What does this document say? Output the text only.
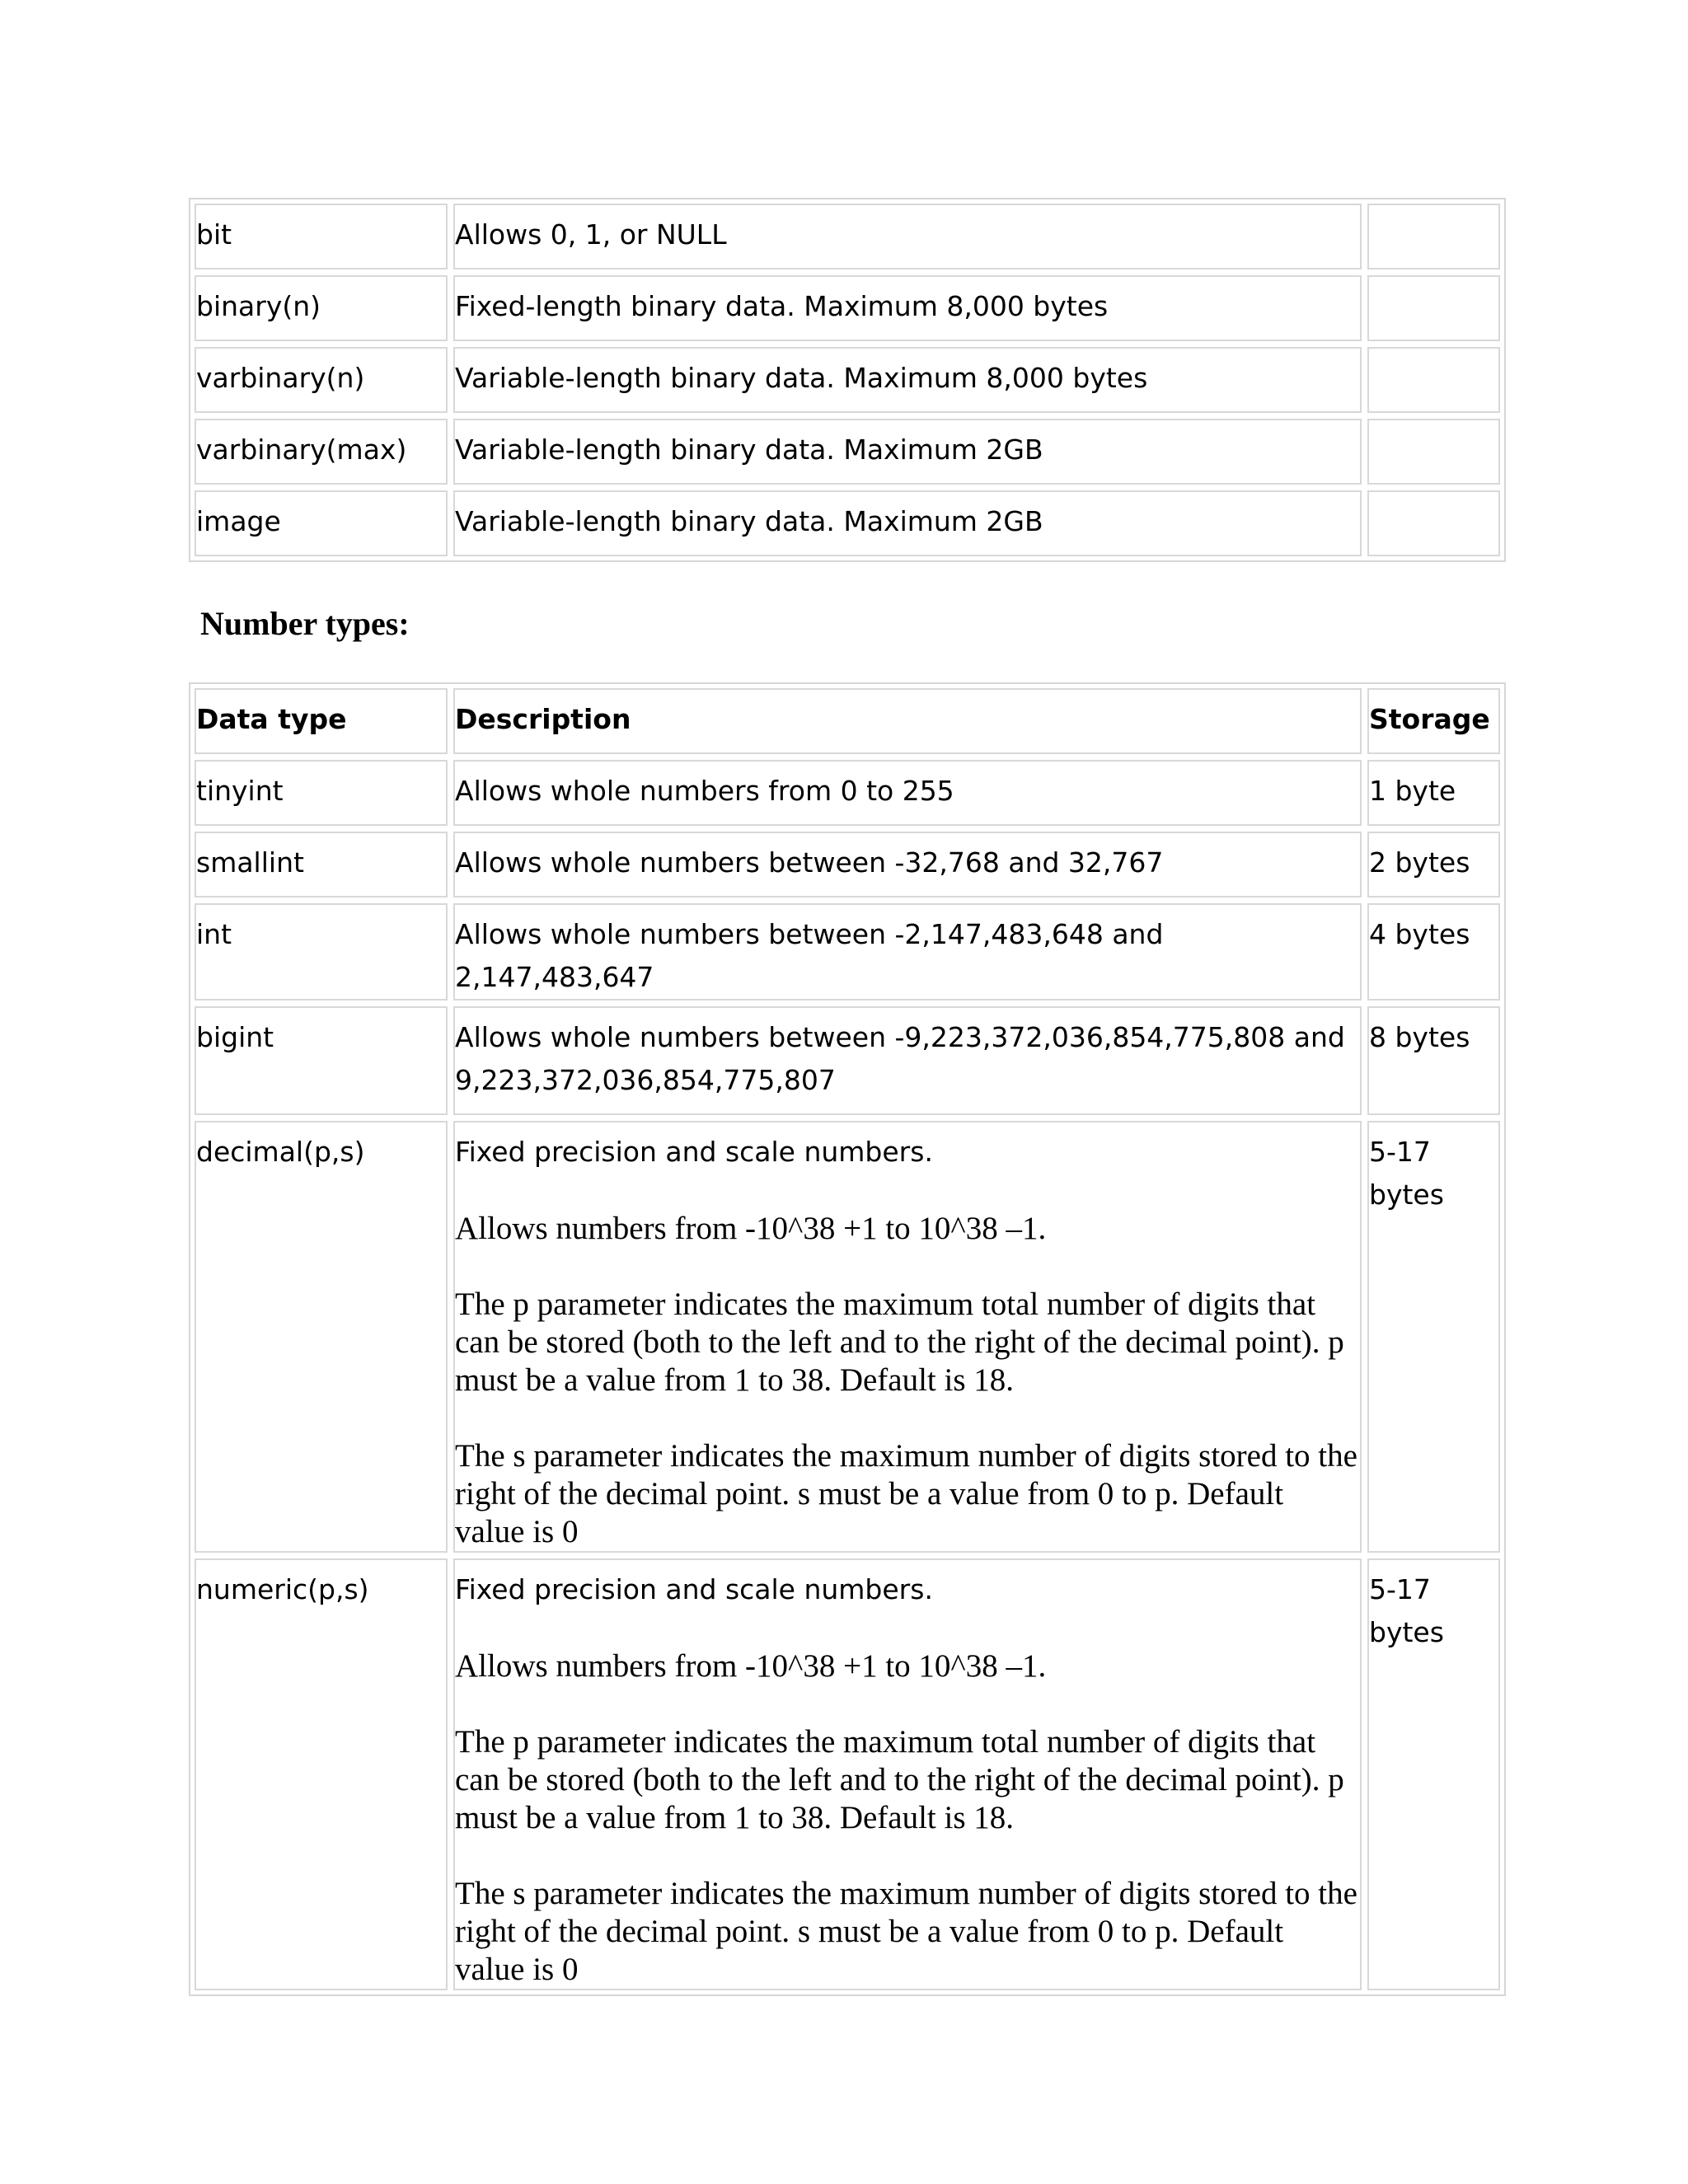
bit	Allows 0, 1, or NULL	
binary(n)	Fixed-length binary data. Maximum 8,000 bytes	
varbinary(n)	Variable-length binary data. Maximum 8,000 bytes	
varbinary(max)	Variable-length binary data. Maximum 2GB	
image	Variable-length binary data. Maximum 2GB	
Number types:
Data type	Description	Storage
tinyint	Allows whole numbers from 0 to 255	1 byte
smallint	Allows whole numbers between -32,768 and 32,767	2 bytes
int	Allows whole numbers between -2,147,483,648 and 2,147,483,647	4 bytes
bigint	Allows whole numbers between -9,223,372,036,854,775,808 and 9,223,372,036,854,775,807	8 bytes
decimal(p,s)	Fixed precision and scale numbers.

Allows numbers from -10^38 +1 to 10^38 –1.

The p parameter indicates the maximum total number of digits that can be stored (both to the left and to the right of the decimal point). p must be a value from 1 to 38. Default is 18.

The s parameter indicates the maximum number of digits stored to the right of the decimal point. s must be a value from 0 to p. Default value is 0	5-17 bytes
numeric(p,s)	Fixed precision and scale numbers.

Allows numbers from -10^38 +1 to 10^38 –1.

The p parameter indicates the maximum total number of digits that can be stored (both to the left and to the right of the decimal point). p must be a value from 1 to 38. Default is 18.

The s parameter indicates the maximum number of digits stored to the right of the decimal point. s must be a value from 0 to p. Default value is 0	5-17 bytes
